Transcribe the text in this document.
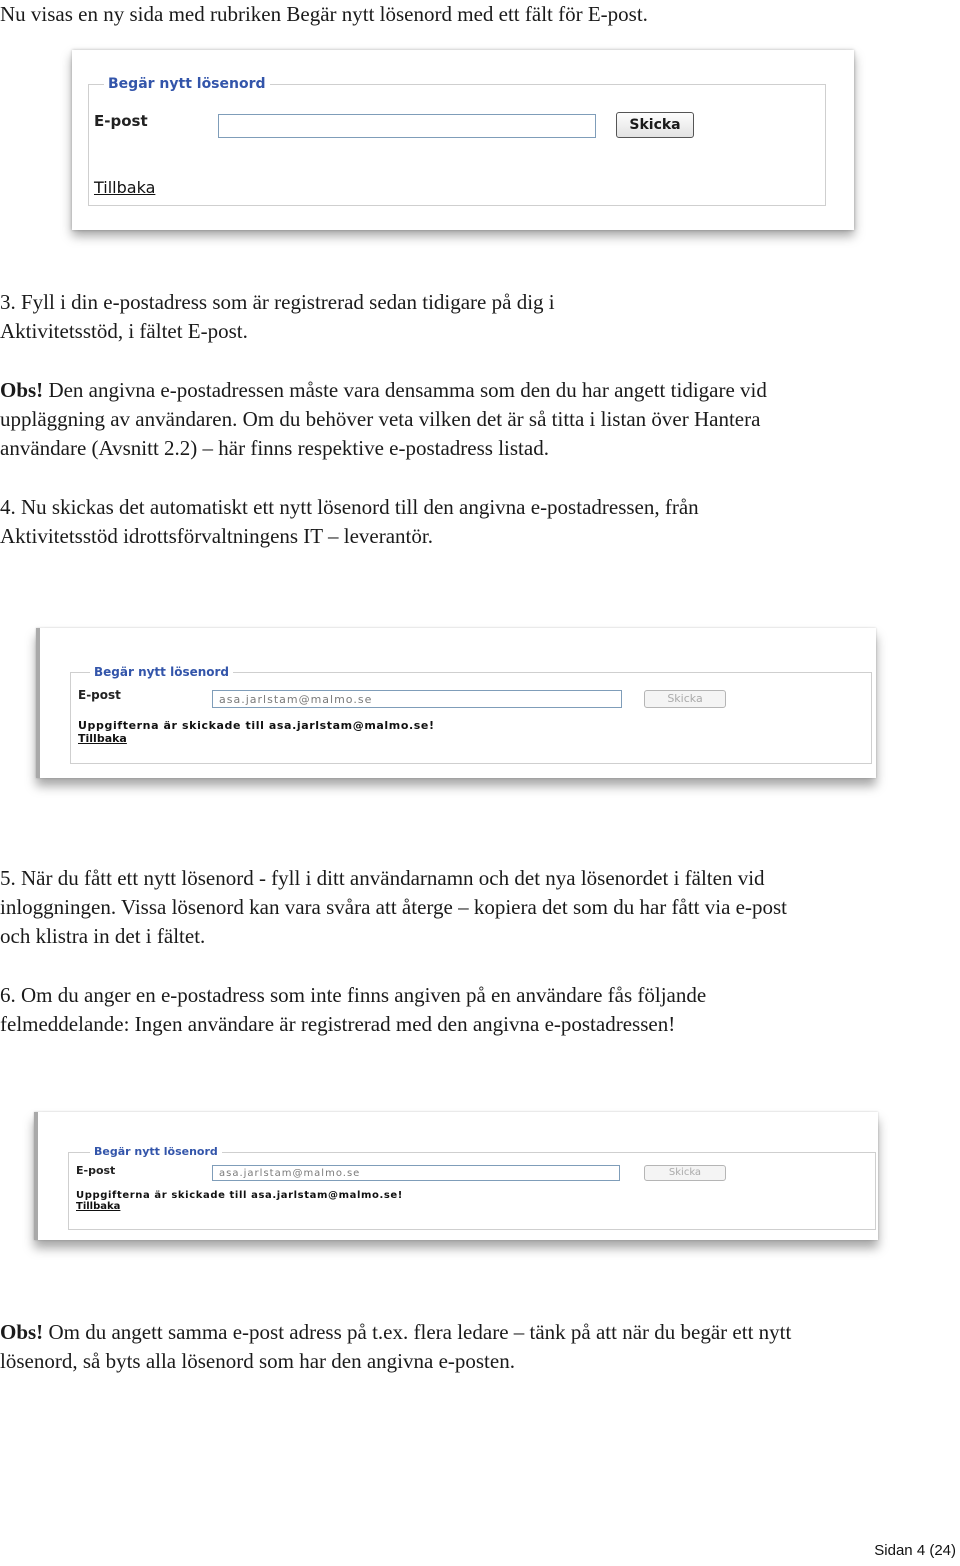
Nu visas en ny sida med rubriken Begär nytt lösenord med ett fält för E-post.

Begär nytt lösenord
E-post	Skicka
Tillbaka

3. Fyll i din e-postadress som är registrerad sedan tidigare på dig i

Aktivitetsstöd, i fältet E-post.

Obs! Den angivna e-postadressen måste vara densamma som den du har angett tidigare vid

uppläggning av användaren. Om du behöver veta vilken det är så titta i listan över Hantera

användare (Avsnitt 2.2) – här finns respektive e-postadress listad.

4. Nu skickas det automatiskt ett nytt lösenord till den angivna e-postadressen, från

Aktivitetsstöd idrottsförvaltningens IT – leverantör.

Begär nytt lösenord
E-post
asa.jarlstam@malmo.se	Skicka
Uppgifterna är skickade till asa.jarlstam@malmo.se!
Tillbaka

5. När du fått ett nytt lösenord - fyll i ditt användarnamn och det nya lösenordet i fälten vid

inloggningen. Vissa lösenord kan vara svåra att återge – kopiera det som du har fått via e-post

och klistra in det i fältet.

6. Om du anger en e-postadress som inte finns angiven på en användare fås följande

felmeddelande: Ingen användare är registrerad med den angivna e-postadressen!

Begär nytt lösenord
E-post
asa.jarlstam@malmo.se	Skicka
Uppgifterna är skickade till asa.jarlstam@malmo.se!
Tillbaka

Obs! Om du angett samma e-post adress på t.ex. flera ledare – tänk på att när du begär ett nytt

lösenord, så byts alla lösenord som har den angivna e-posten.

Sidan 4 (24)
